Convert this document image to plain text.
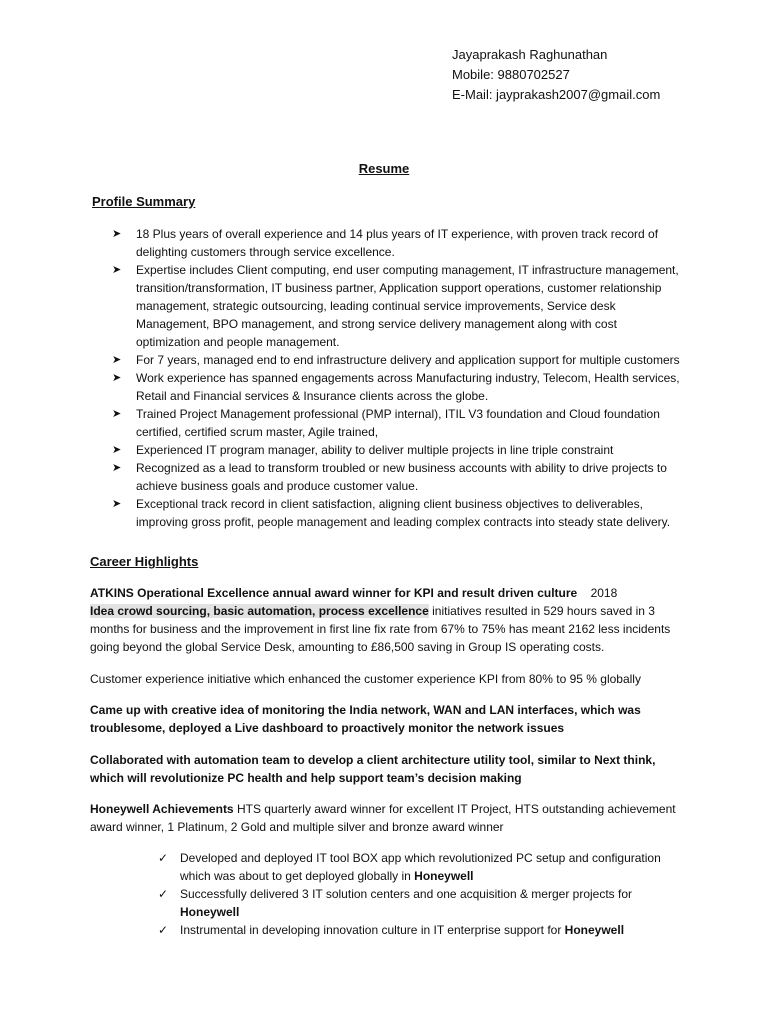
Jayaprakash Raghunathan
Mobile: 9880702527
E-Mail: jayprakash2007@gmail.com
Resume
Profile Summary
➤ 18 Plus years of overall experience and 14 plus years of IT experience, with proven track record of delighting customers through service excellence.
➤ Expertise includes Client computing, end user computing management, IT infrastructure management, transition/transformation, IT business partner, Application support operations, customer relationship management, strategic outsourcing, leading continual service improvements, Service desk Management, BPO management, and strong service delivery management along with cost optimization and people management.
➤ For 7 years, managed end to end infrastructure delivery and application support for multiple customers
➤ Work experience has spanned engagements across Manufacturing industry, Telecom, Health services, Retail and Financial services & Insurance clients across the globe.
➤ Trained Project Management professional (PMP internal), ITIL V3 foundation and Cloud foundation certified, certified scrum master, Agile trained,
➤ Experienced IT program manager, ability to deliver multiple projects in line triple constraint
➤ Recognized as a lead to transform troubled or new business accounts with ability to drive projects to achieve business goals and produce customer value.
➤ Exceptional track record in client satisfaction, aligning client business objectives to deliverables, improving gross profit, people management and leading complex contracts into steady state delivery.
Career Highlights
ATKINS Operational Excellence annual award winner for KPI and result driven culture 2018
Idea crowd sourcing, basic automation, process excellence initiatives resulted in 529 hours saved in 3 months for business and the improvement in first line fix rate from 67% to 75% has meant 2162 less incidents going beyond the global Service Desk, amounting to £86,500 saving in Group IS operating costs.
Customer experience initiative which enhanced the customer experience KPI from 80% to 95 % globally
Came up with creative idea of monitoring the India network, WAN and LAN interfaces, which was troublesome, deployed a Live dashboard to proactively monitor the network issues
Collaborated with automation team to develop a client architecture utility tool, similar to Next think, which will revolutionize PC health and help support team’s decision making
Honeywell Achievements HTS quarterly award winner for excellent IT Project, HTS outstanding achievement award winner, 1 Platinum, 2 Gold and multiple silver and bronze award winner
✓ Developed and deployed IT tool BOX app which revolutionized PC setup and configuration which was about to get deployed globally in Honeywell
✓ Successfully delivered 3 IT solution centers and one acquisition & merger projects for Honeywell
✓ Instrumental in developing innovation culture in IT enterprise support for Honeywell
